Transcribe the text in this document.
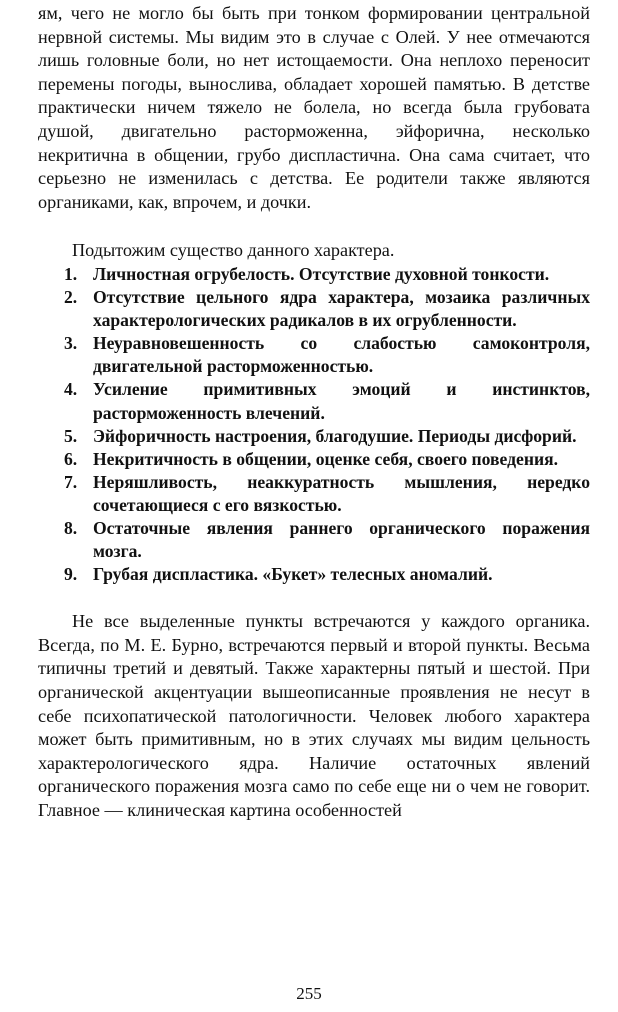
ям, чего не могло бы быть при тонком формировании центральной нервной системы. Мы видим это в случае с Олей. У нее отмечаются лишь головные боли, но нет истощаемости. Она неплохо переносит перемены погоды, выносливa, обладает хорошей памятью. В детстве практически ничем тяжело не болела, но всегда была грубовата душой, двигательно расторможенна, эйфорична, несколько некритична в общении, грубо диспластична. Она сама считает, что серьезно не изменилась с детства. Ее родители также являются органиками, как, впрочем, и дочки.

Подытожим существо данного характера.

1. Личностная огрубелость. Отсутствие духовной тонкости.
2. Отсутствие цельного ядра характера, мозаика различных характерологических радикалов в их огрубленности.
3. Неуравновешенность со слабостью самоконтроля, двигательной расторможенностью.
4. Усиление примитивных эмоций и инстинктов, расторможенность влечений.
5. Эйфоричность настроения, благодушие. Периоды дисфорий.
6. Некритичность в общении, оценке себя, своего поведения.
7. Неряшливость, неаккуратность мышления, нередко сочетающиеся с его вязкостью.
8. Остаточные явления раннего органического поражения мозга.
9. Грубая диспластика. «Букет» телесных аномалий.

Не все выделенные пункты встречаются у каждого органика. Всегда, по М. Е. Бурно, встречаются первый и второй пункты. Весьма типичны третий и девятый. Также характерны пятый и шестой. При органической акцентуации вышеописанные проявления не несут в себе психопатической патологичности. Человек любого характера может быть примитивным, но в этих случаях мы видим цельность характерологического ядра. Наличие остаточных явлений органического поражения мозга само по себе еще ни о чем не говорит. Главное — клиническая картина особенностей

255
